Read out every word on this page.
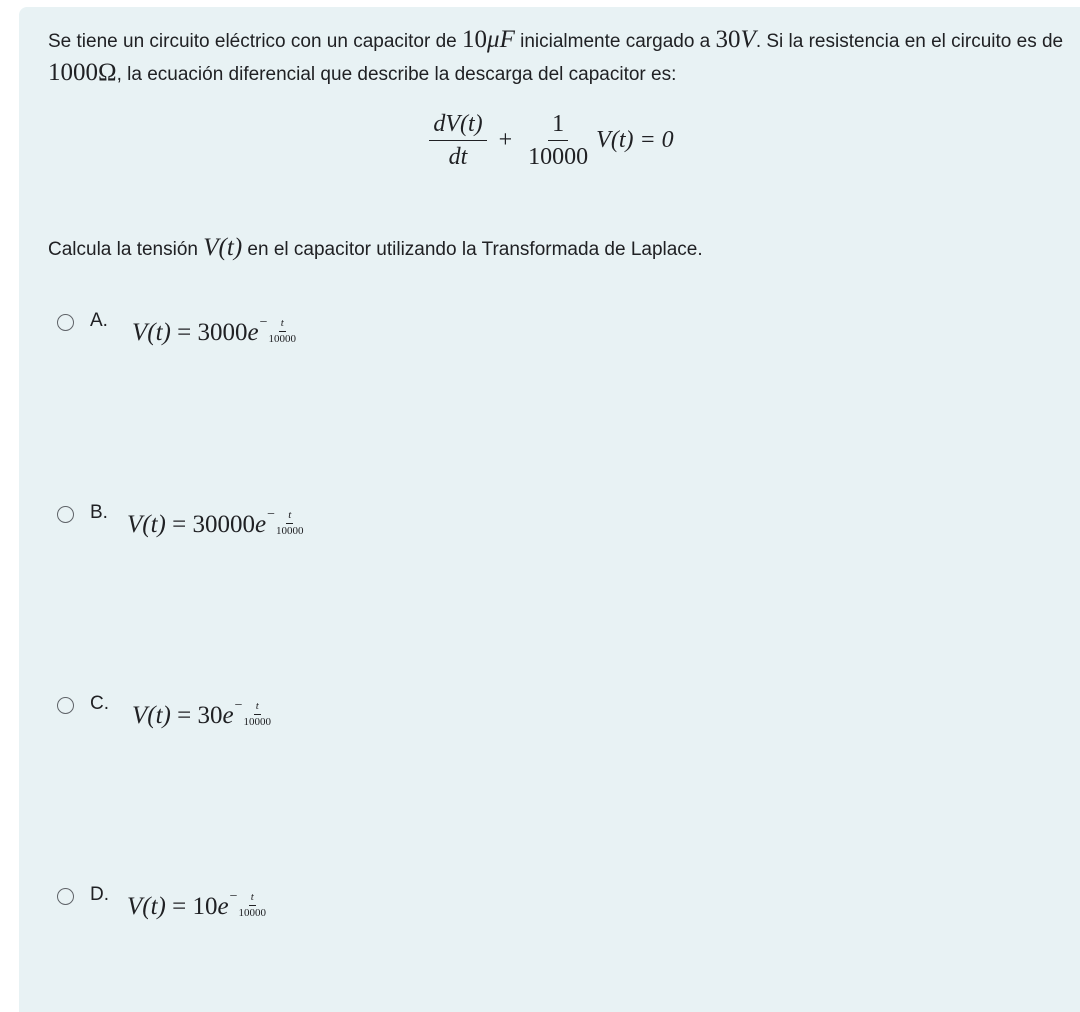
Se tiene un circuito eléctrico con un capacitor de 10μF inicialmente cargado a 30V. Si la resistencia en el circuito es de 1000Ω, la ecuación diferencial que describe la descarga del capacitor es:
$\frac{dV(t)}{dt} + \frac{1}{10000} V(t) = 0$
Calcula la tensión V(t) en el capacitor utilizando la Transformada de Laplace.
A. $V(t) = 3000e^- \frac{t}{10000}$
B. $V(t) = 30000e^- \frac{t}{10000}$
C. $V(t) = 30e^- \frac{t}{10000}$
D. $V(t) = 10e^- \frac{t}{10000}$
